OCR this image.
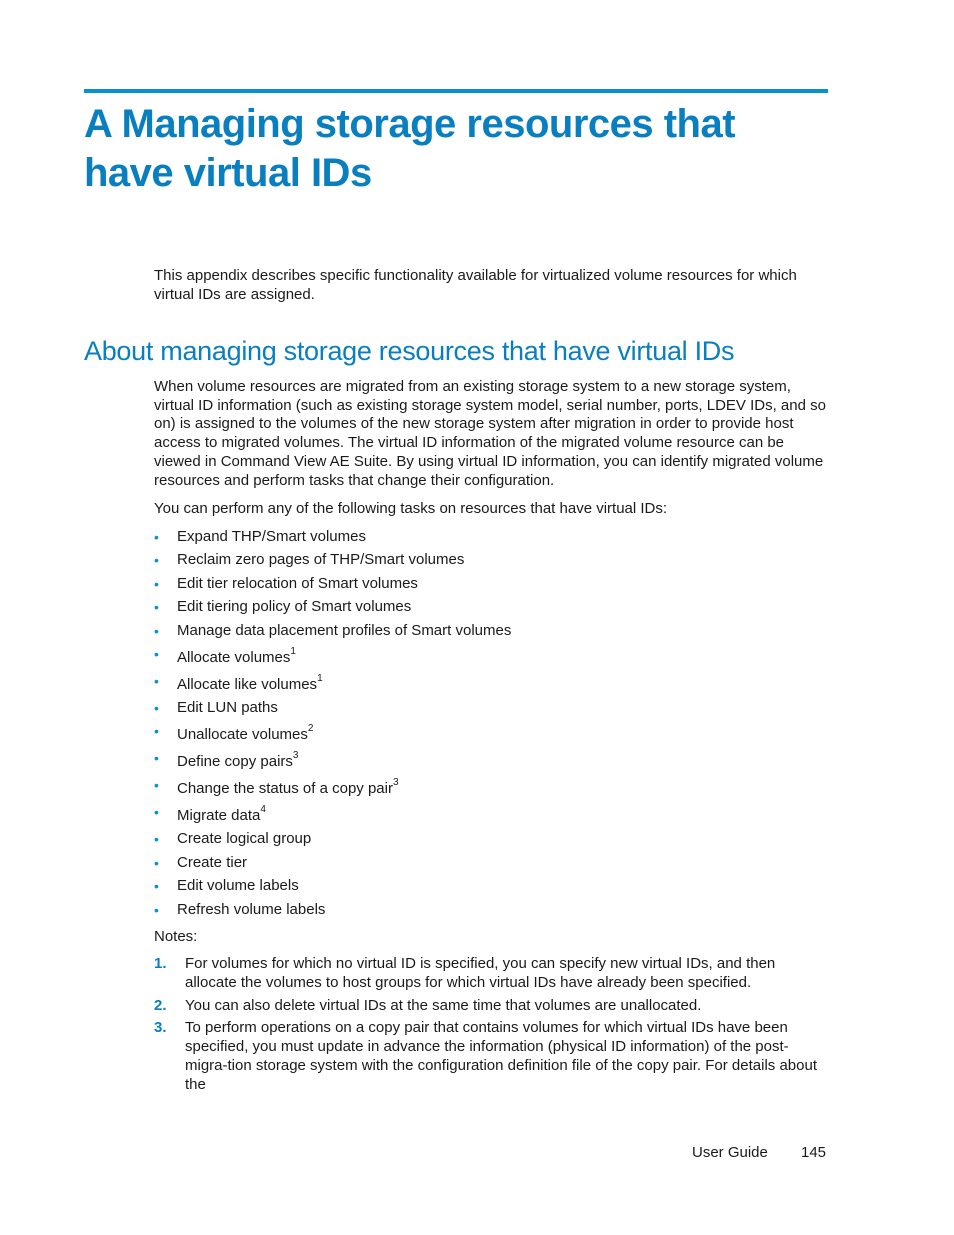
A Managing storage resources that have virtual IDs

This appendix describes specific functionality available for virtualized volume resources for which virtual IDs are assigned.

About managing storage resources that have virtual IDs

When volume resources are migrated from an existing storage system to a new storage system, virtual ID information (such as existing storage system model, serial number, ports, LDEV IDs, and so on) is assigned to the volumes of the new storage system after migration in order to provide host access to migrated volumes. The virtual ID information of the migrated volume resource can be viewed in Command View AE Suite. By using virtual ID information, you can identify migrated volume resources and perform tasks that change their configuration.

You can perform any of the following tasks on resources that have virtual IDs:

• Expand THP/Smart volumes
• Reclaim zero pages of THP/Smart volumes
• Edit tier relocation of Smart volumes
• Edit tiering policy of Smart volumes
• Manage data placement profiles of Smart volumes
• Allocate volumes$^1$
• Allocate like volumes$^1$
• Edit LUN paths
• Unallocate volumes$^2$
• Define copy pairs$^3$
• Change the status of a copy pair$^3$
• Migrate data$^4$
• Create logical group
• Create tier
• Edit volume labels
• Refresh volume labels

Notes:

1. For volumes for which no virtual ID is specified, you can specify new virtual IDs, and then allocate the volumes to host groups for which virtual IDs have already been specified.
2. You can also delete virtual IDs at the same time that volumes are unallocated.
3. To perform operations on a copy pair that contains volumes for which virtual IDs have been specified, you must update in advance the information (physical ID information) of the post-migra-tion storage system with the configuration definition file of the copy pair. For details about the
User Guide 145
